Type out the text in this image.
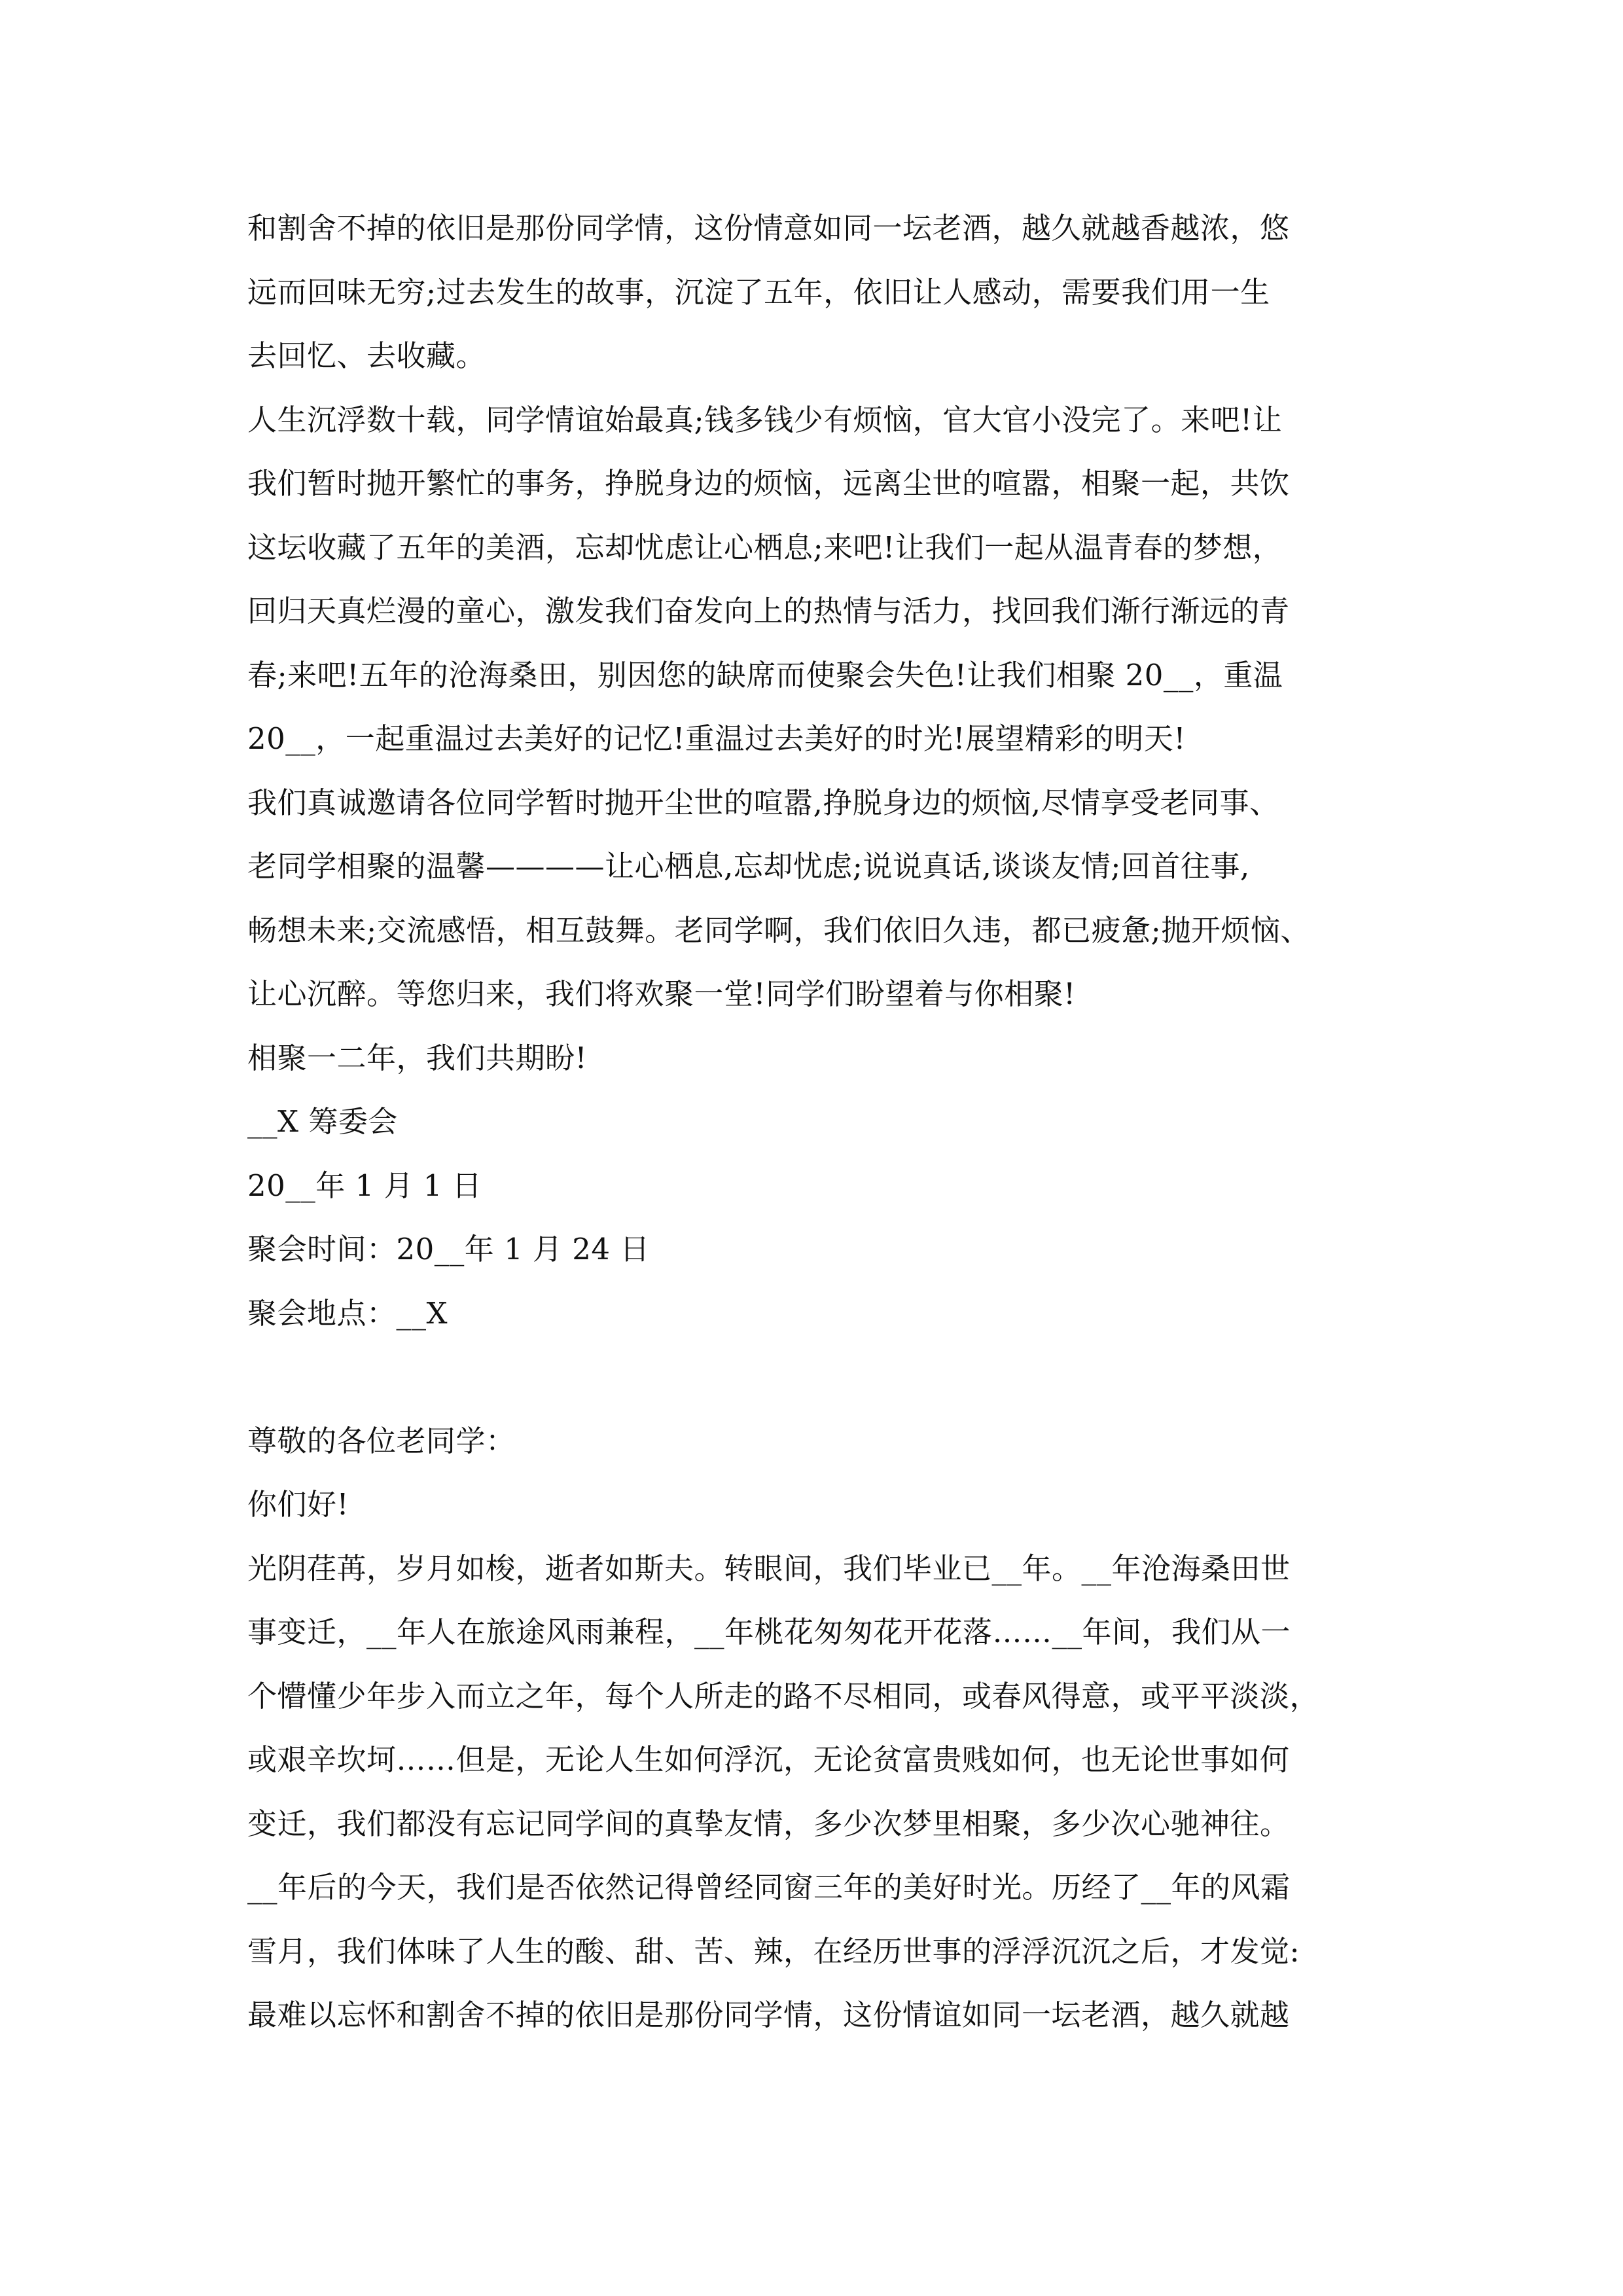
和割舍不掉的依旧是那份同学情，这份情意如同一坛老酒，越久就越香越浓，悠
远而回味无穷;过去发生的故事，沉淀了五年，依旧让人感动，需要我们用一生
去回忆、去收藏。
人生沉浮数十载，同学情谊始最真;钱多钱少有烦恼，官大官小没完了。来吧!让
我们暂时抛开繁忙的事务，挣脱身边的烦恼，远离尘世的喧嚣，相聚一起，共饮
这坛收藏了五年的美酒，忘却忧虑让心栖息;来吧!让我们一起从温青春的梦想，
回归天真烂漫的童心，激发我们奋发向上的热情与活力，找回我们渐行渐远的青
春;来吧!五年的沧海桑田，别因您的缺席而使聚会失色!让我们相聚 20__，重温
20__，一起重温过去美好的记忆!重温过去美好的时光!展望精彩的明天!
我们真诚邀请各位同学暂时抛开尘世的喧嚣,挣脱身边的烦恼,尽情享受老同事、
老同学相聚的温馨————让心栖息,忘却忧虑;说说真话,谈谈友情;回首往事,
畅想未来;交流感悟，相互鼓舞。老同学啊，我们依旧久违，都已疲惫;抛开烦恼、
让心沉醉。等您归来，我们将欢聚一堂!同学们盼望着与你相聚!
相聚一二年，我们共期盼!
__X 筹委会
20__年 1 月 1 日
聚会时间：20__年 1 月 24 日
聚会地点：__X
尊敬的各位老同学：
你们好!
光阴荏苒，岁月如梭，逝者如斯夫。转眼间，我们毕业已__年。__年沧海桑田世
事变迁，__年人在旅途风雨兼程，__年桃花匆匆花开花落……__年间，我们从一
个懵懂少年步入而立之年，每个人所走的路不尽相同，或春风得意，或平平淡淡，
或艰辛坎坷……但是，无论人生如何浮沉，无论贫富贵贱如何，也无论世事如何
变迁，我们都没有忘记同学间的真挚友情，多少次梦里相聚，多少次心驰神往。
__年后的今天，我们是否依然记得曾经同窗三年的美好时光。历经了__年的风霜
雪月，我们体味了人生的酸、甜、苦、辣，在经历世事的浮浮沉沉之后，才发觉:
最难以忘怀和割舍不掉的依旧是那份同学情，这份情谊如同一坛老酒，越久就越
